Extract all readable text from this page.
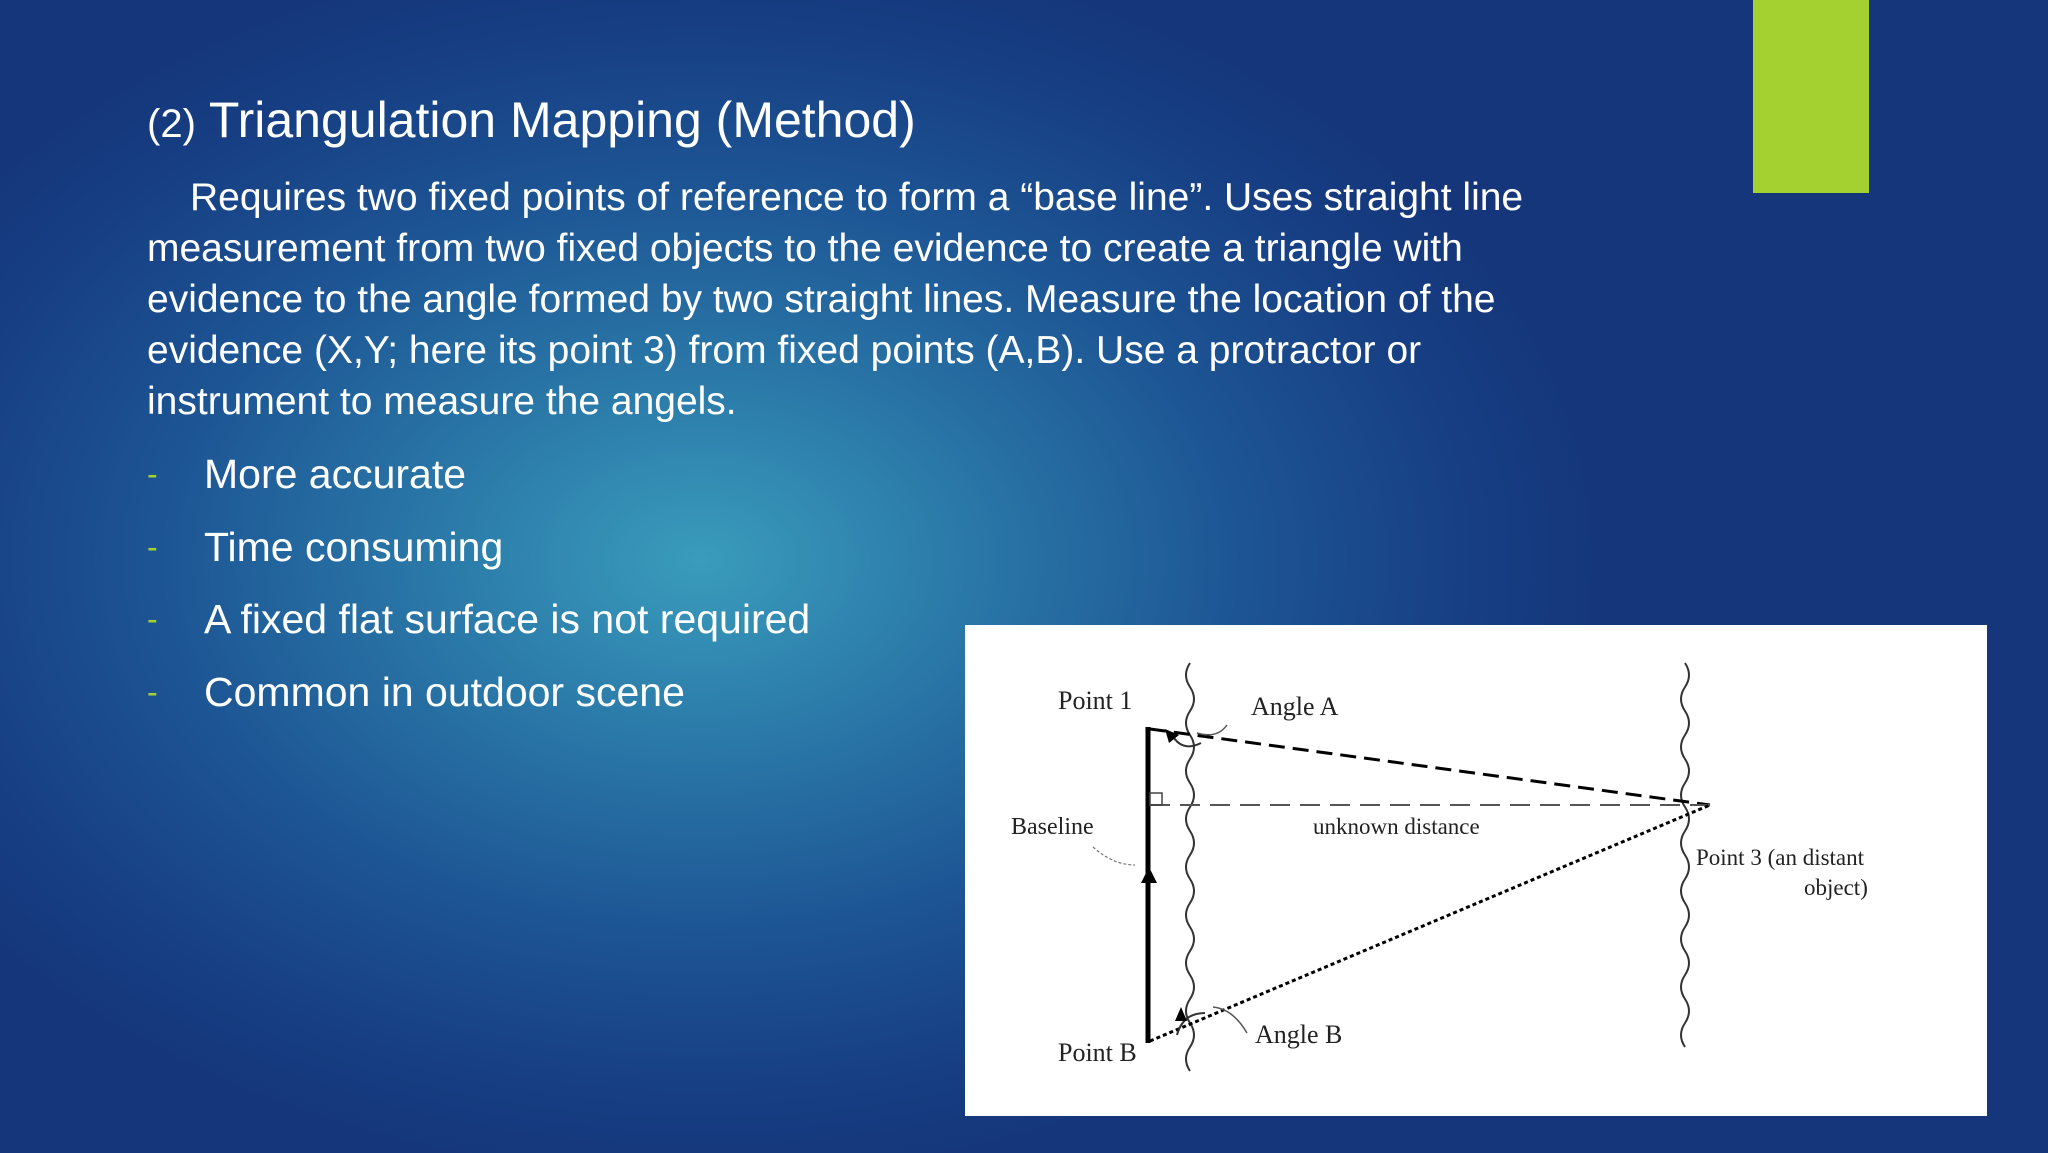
(2) Triangulation Mapping (Method)

Requires two fixed points of reference to form a “base line”. Uses straight line
measurement from two fixed objects to the evidence to create a triangle with
evidence to the angle formed by two straight lines. Measure the location of the
evidence (X,Y; here its point 3) from fixed points (A,B). Use a protractor or
instrument to measure the angels.

- More accurate
- Time consuming
- A fixed flat surface is not required
- Common in outdoor scene	Point 1	Angle A
Baseline	unknown distance
Point 3 (an distant
object)
Angle B
Point B
